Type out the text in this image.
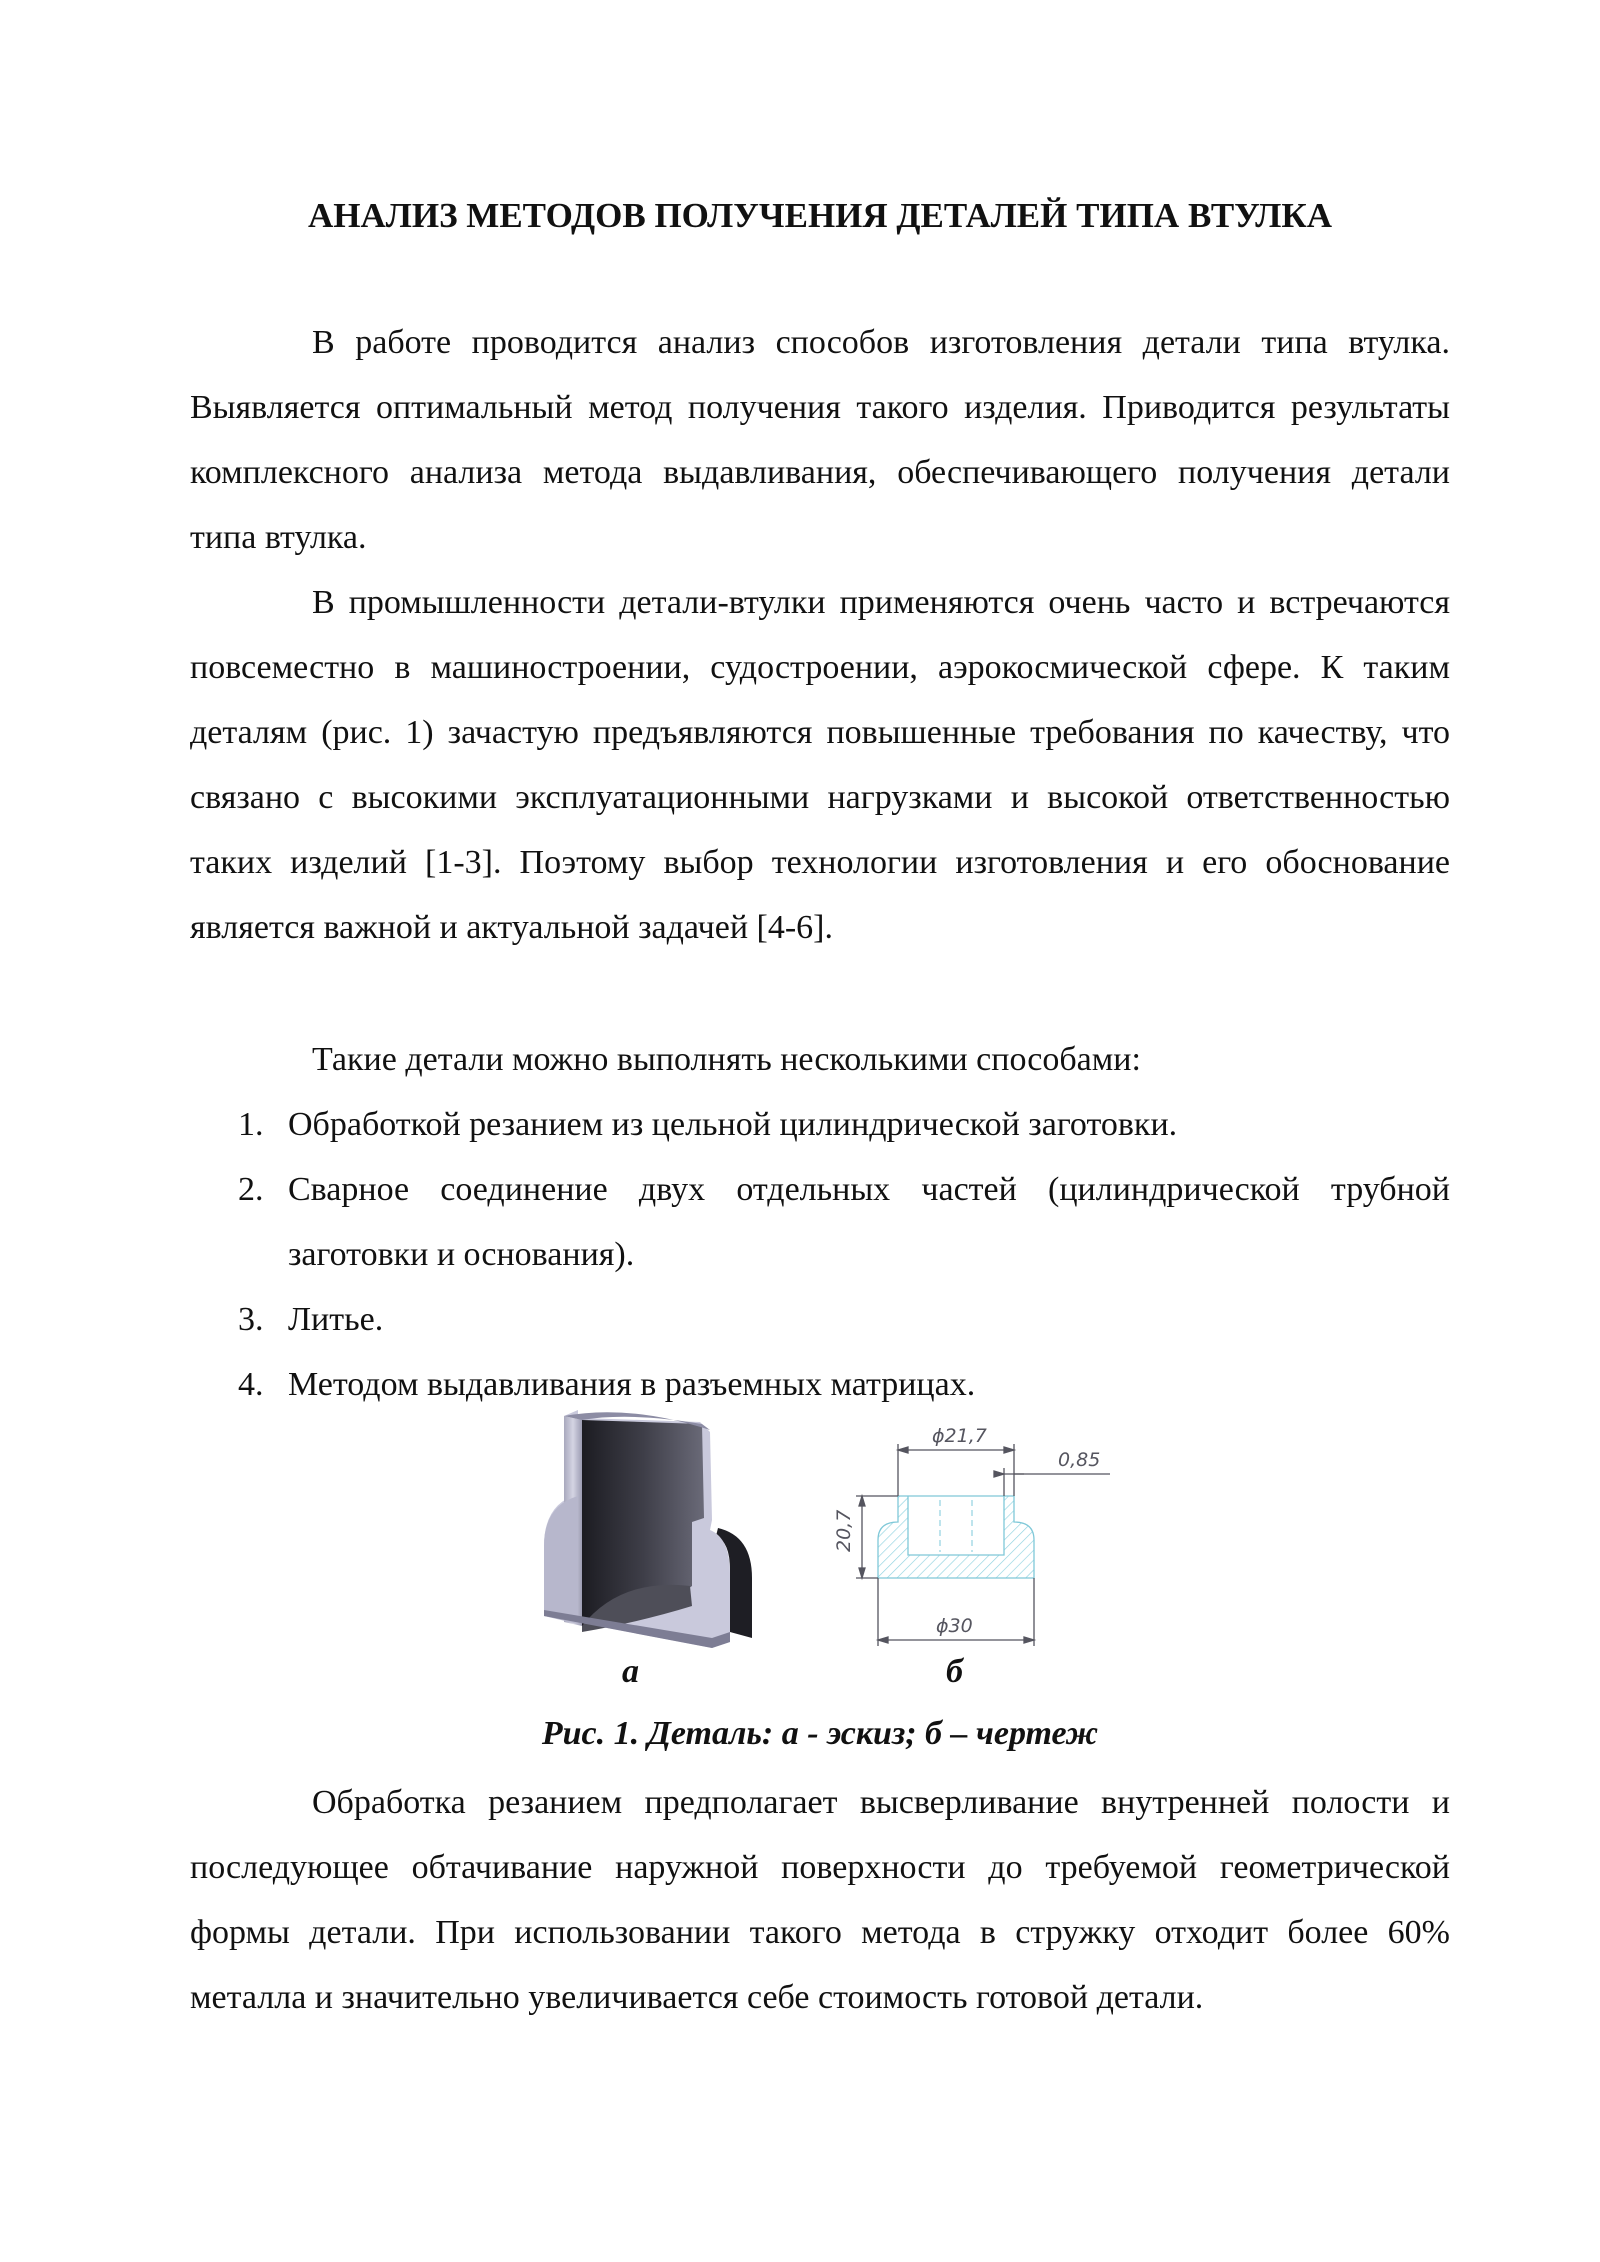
АНАЛИЗ МЕТОДОВ ПОЛУЧЕНИЯ ДЕТАЛЕЙ ТИПА ВТУЛКА

В работе проводится анализ способов изготовления детали типа втулка. Выявляется оптимальный метод получения такого изделия. Приводится результаты комплексного анализа метода выдавливания, обеспечивающего получения детали типа втулка.

В промышленности детали-втулки применяются очень часто и встречаются повсеместно в машиностроении, судостроении, аэрокосмической сфере. К таким деталям (рис. 1) зачастую предъявляются повышенные требования по качеству, что связано с высокими эксплуатационными нагрузками и высокой ответственностью таких изделий [1-3]. Поэтому выбор технологии изготовления и его обоснование является важной и актуальной задачей [4-6].

Такие детали можно выполнять несколькими способами:

1. Обработкой резанием из цельной цилиндрической заготовки.
2. Сварное соединение двух отдельных частей (цилиндрической трубной заготовки и основания).
3. Литье.
4. Методом выдавливания в разъемных матрицах.
ϕ21,7
0,85
20,7
ϕ30
а	б

Рис. 1. Деталь: а - эскиз; б – чертеж

Обработка резанием предполагает высверливание внутренней полости и последующее обтачивание наружной поверхности до требуемой геометрической формы детали. При использовании такого метода в стружку отходит более 60% металла и значительно увеличивается себе стоимость готовой детали.
